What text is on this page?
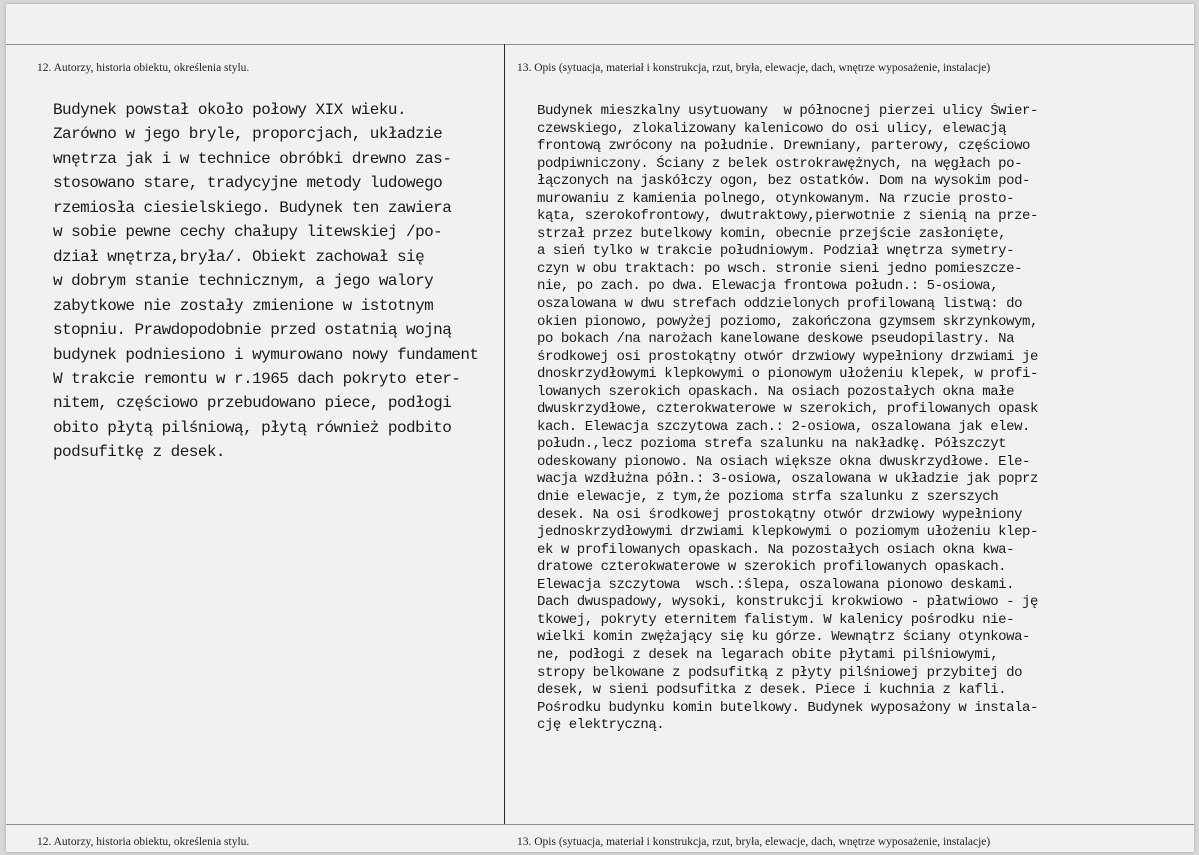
12. Autorzy, historia obiektu, określenia stylu.	13. Opis (sytuacja, materiał i konstrukcja, rzut, bryła, elewacje, dach, wnętrze wyposażenie, instalacje)
Budynek powstał około połowy XIX wieku.
Zarówno w jego bryle, proporcjach, układzie
wnętrza jak i w technice obróbki drewno zas-
stosowano stare, tradycyjne metody ludowego
rzemiosła ciesielskiego. Budynek ten zawiera
w sobie pewne cechy chałupy litewskiej /po-
dział wnętrza,bryła/. Obiekt zachował się
w dobrym stanie technicznym, a jego walory
zabytkowe nie zostały zmienione w istotnym
stopniu. Prawdopodobnie przed ostatnią wojną
budynek podniesiono i wymurowano nowy fundament
W trakcie remontu w r.1965 dach pokryto eter-
nitem, częściowo przebudowano piece, podłogi
obito płytą pilśniową, płytą również podbito
podsufitkę z desek.
Budynek mieszkalny usytuowany  w północnej pierzei ulicy Świer-
czewskiego, zlokalizowany kalenicowo do osi ulicy, elewacją
frontową zwrócony na południe. Drewniany, parterowy, częściowo
podpiwniczony. Ściany z belek ostrokrawężnych, na węgłach po-
łączonych na jaskółczy ogon, bez ostatków. Dom na wysokim pod-
murowaniu z kamienia polnego, otynkowanym. Na rzucie prosto-
kąta, szerokofrontowy, dwutraktowy,pierwotnie z sienią na prze-
strzał przez butelkowy komin, obecnie przejście zasłonięte,
a sień tylko w trakcie południowym. Podział wnętrza symetry-
czyn w obu traktach: po wsch. stronie sieni jedno pomieszcze-
nie, po zach. po dwa. Elewacja frontowa połudn.: 5-osiowa,
oszalowana w dwu strefach oddzielonych profilowaną listwą: do
okien pionowo, powyżej poziomo, zakończona gzymsem skrzynkowym,
po bokach /na narożach kanelowane deskowe pseudopilastry. Na
środkowej osi prostokątny otwór drzwiowy wypełniony drzwiami je
dnoskrzydłowymi klepkowymi o pionowym ułożeniu klepek, w profi-
lowanych szerokich opaskach. Na osiach pozostałych okna małe
dwuskrzydłowe, czterokwaterowe w szerokich, profilowanych opask
kach. Elewacja szczytowa zach.: 2-osiowa, oszalowana jak elew.
połudn.,lecz pozioma strefa szalunku na nakładkę. Półszczyt
odeskowany pionowo. Na osiach większe okna dwuskrzydłowe. Ele-
wacja wzdłużna półn.: 3-osiowa, oszalowana w układzie jak poprz
dnie elewacje, z tym,że pozioma strfa szalunku z szerszych
desek. Na osi środkowej prostokątny otwór drzwiowy wypełniony
jednoskrzydłowymi drzwiami klepkowymi o poziomym ułożeniu klep-
ek w profilowanych opaskach. Na pozostałych osiach okna kwa-
dratowe czterokwaterowe w szerokich profilowanych opaskach.
Elewacja szczytowa  wsch.:ślepa, oszalowana pionowo deskami.
Dach dwuspadowy, wysoki, konstrukcji krokwiowo - płatwiowo - ję
tkowej, pokryty eternitem falistym. W kalenicy pośrodku nie-
wielki komin zwężający się ku górze. Wewnątrz ściany otynkowa-
ne, podłogi z desek na legarach obite płytami pilśniowymi,
stropy belkowane z podsufitką z płyty pilśniowej przybitej do
desek, w sieni podsufitka z desek. Piece i kuchnia z kafli.
Pośrodku budynku komin butelkowy. Budynek wyposażony w instala-
cję elektryczną.
12. Autorzy, historia obiektu, określenia stylu.	13. Opis (sytuacja, materiał i konstrukcja, rzut, bryła, elewacje, dach, wnętrze wyposażenie, instalacje)
